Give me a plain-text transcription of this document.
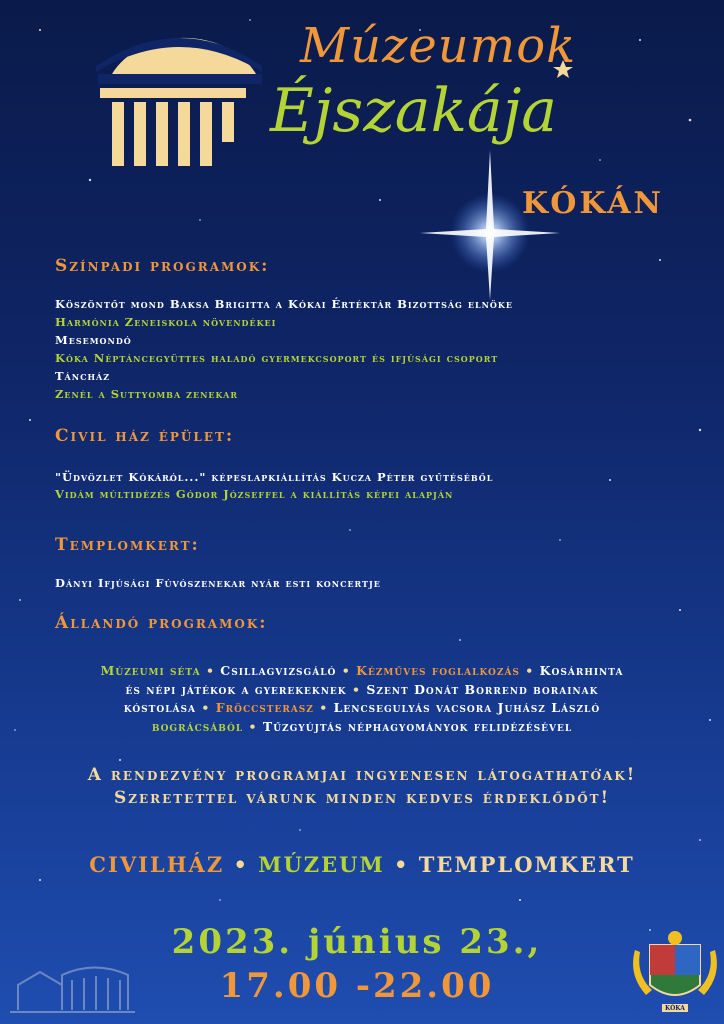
Múzeumok
Éjszakája
KÓKÁN
Színpadi programok:
Köszöntőt mond Baksa Brigitta a Kókai Értéktár Bizottság elnöke
Harmónia Zeneiskola növendékei
Mesemondó
Kóka Néptáncegyüttes haladó gyermekcsoport és ifjúsági csoport
Táncház
Zenél a Suttyomba zenekar
Civil ház épület:
"Üdvözlet Kókáról..." képeslapkiállítás Kucza Péter gyűtéséből
Vidám múltidézés Gódor Józseffel a kiállítás képei alapján
Templomkert:
Dányi Ifjúsági Fúvószenekar nyár esti koncertje
Állandó programok:
Múzeumi séta • Csillagvizsgáló • Kézműves foglalkozás • Kosárhinta
és népi játékok a gyerekeknek • Szent Donát Borrend borainak
kóstolása • Fröccsterasz • Lencsegulyás vacsora Juhász László
bográcsából • Tűzgyújtás néphagyományok felidézésével
A rendezvény programjai ingyenesen látogathatóak!
Szeretettel várunk minden kedves érdeklődőt!
CIVILHÁZ • MÚZEUM • TEMPLOMKERT
2023. június 23.,
17.00 -22.00
KÓKA
